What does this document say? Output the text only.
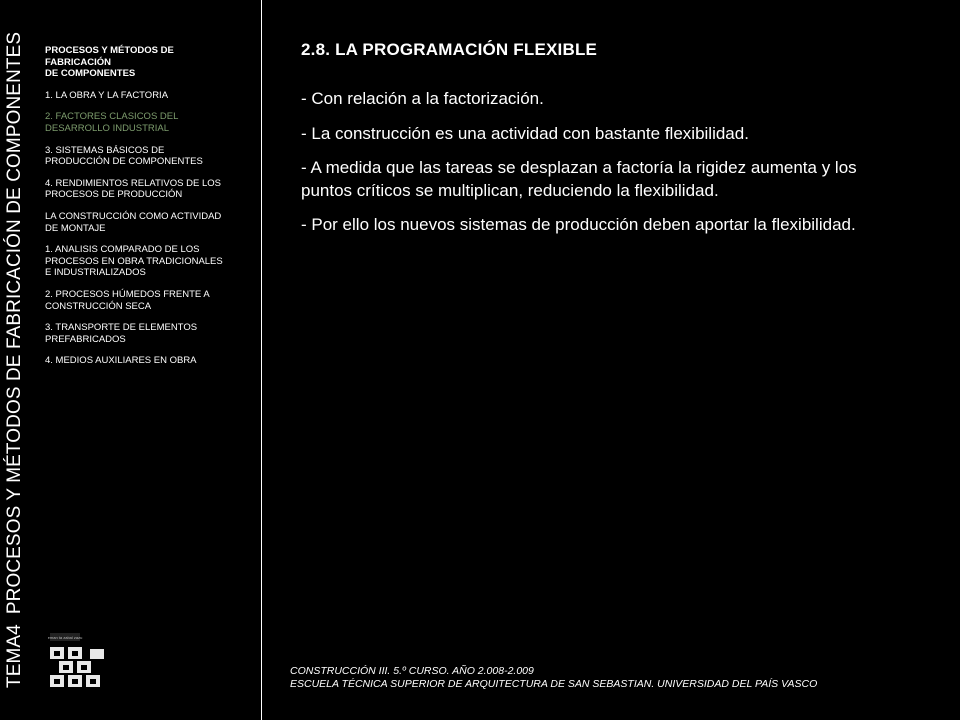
TEMA4PROCESOS Y MÉTODOS DE FABRICACIÓN DE COMPONENTES PROCESOS Y MÉTODOS DE
FABRICACIÓN
DE COMPONENTES
1. LA OBRA Y LA FACTORIA
2. FACTORES CLASICOS DEL
DESARROLLO INDUSTRIAL
3. SISTEMAS BÁSICOS DE
PRODUCCIÓN DE COMPONENTES
4. RENDIMIENTOS RELATIVOS DE LOS
PROCESOS DE PRODUCCIÓN
LA CONSTRUCCIÓN COMO ACTIVIDAD
DE MONTAJE
1. ANALISIS COMPARADO DE LOS
PROCESOS EN OBRA TRADICIONALES
E INDUSTRIALIZADOS
2. PROCESOS HÚMEDOS FRENTE A
CONSTRUCCIÓN SECA
3. TRANSPORTE DE ELEMENTOS
PREFABRICADOS
4. MEDIOS AUXILIARES EN OBRA
eman ta zabal zazu
2.8. LA PROGRAMACIÓN FLEXIBLE

- Con relación a la factorización.

- La construcción es una actividad con bastante flexibilidad.

- A medida que las tareas se desplazan a factoría la rigidez aumenta y los puntos críticos se multiplican, reduciendo la flexibilidad.

- Por ello los nuevos sistemas de producción deben aportar la flexibilidad.

CONSTRUCCIÓN III. 5.º CURSO. AÑO 2.008-2.009
ESCUELA TÉCNICA SUPERIOR DE ARQUITECTURA DE SAN SEBASTIAN. UNIVERSIDAD DEL PAÍS VASCO
